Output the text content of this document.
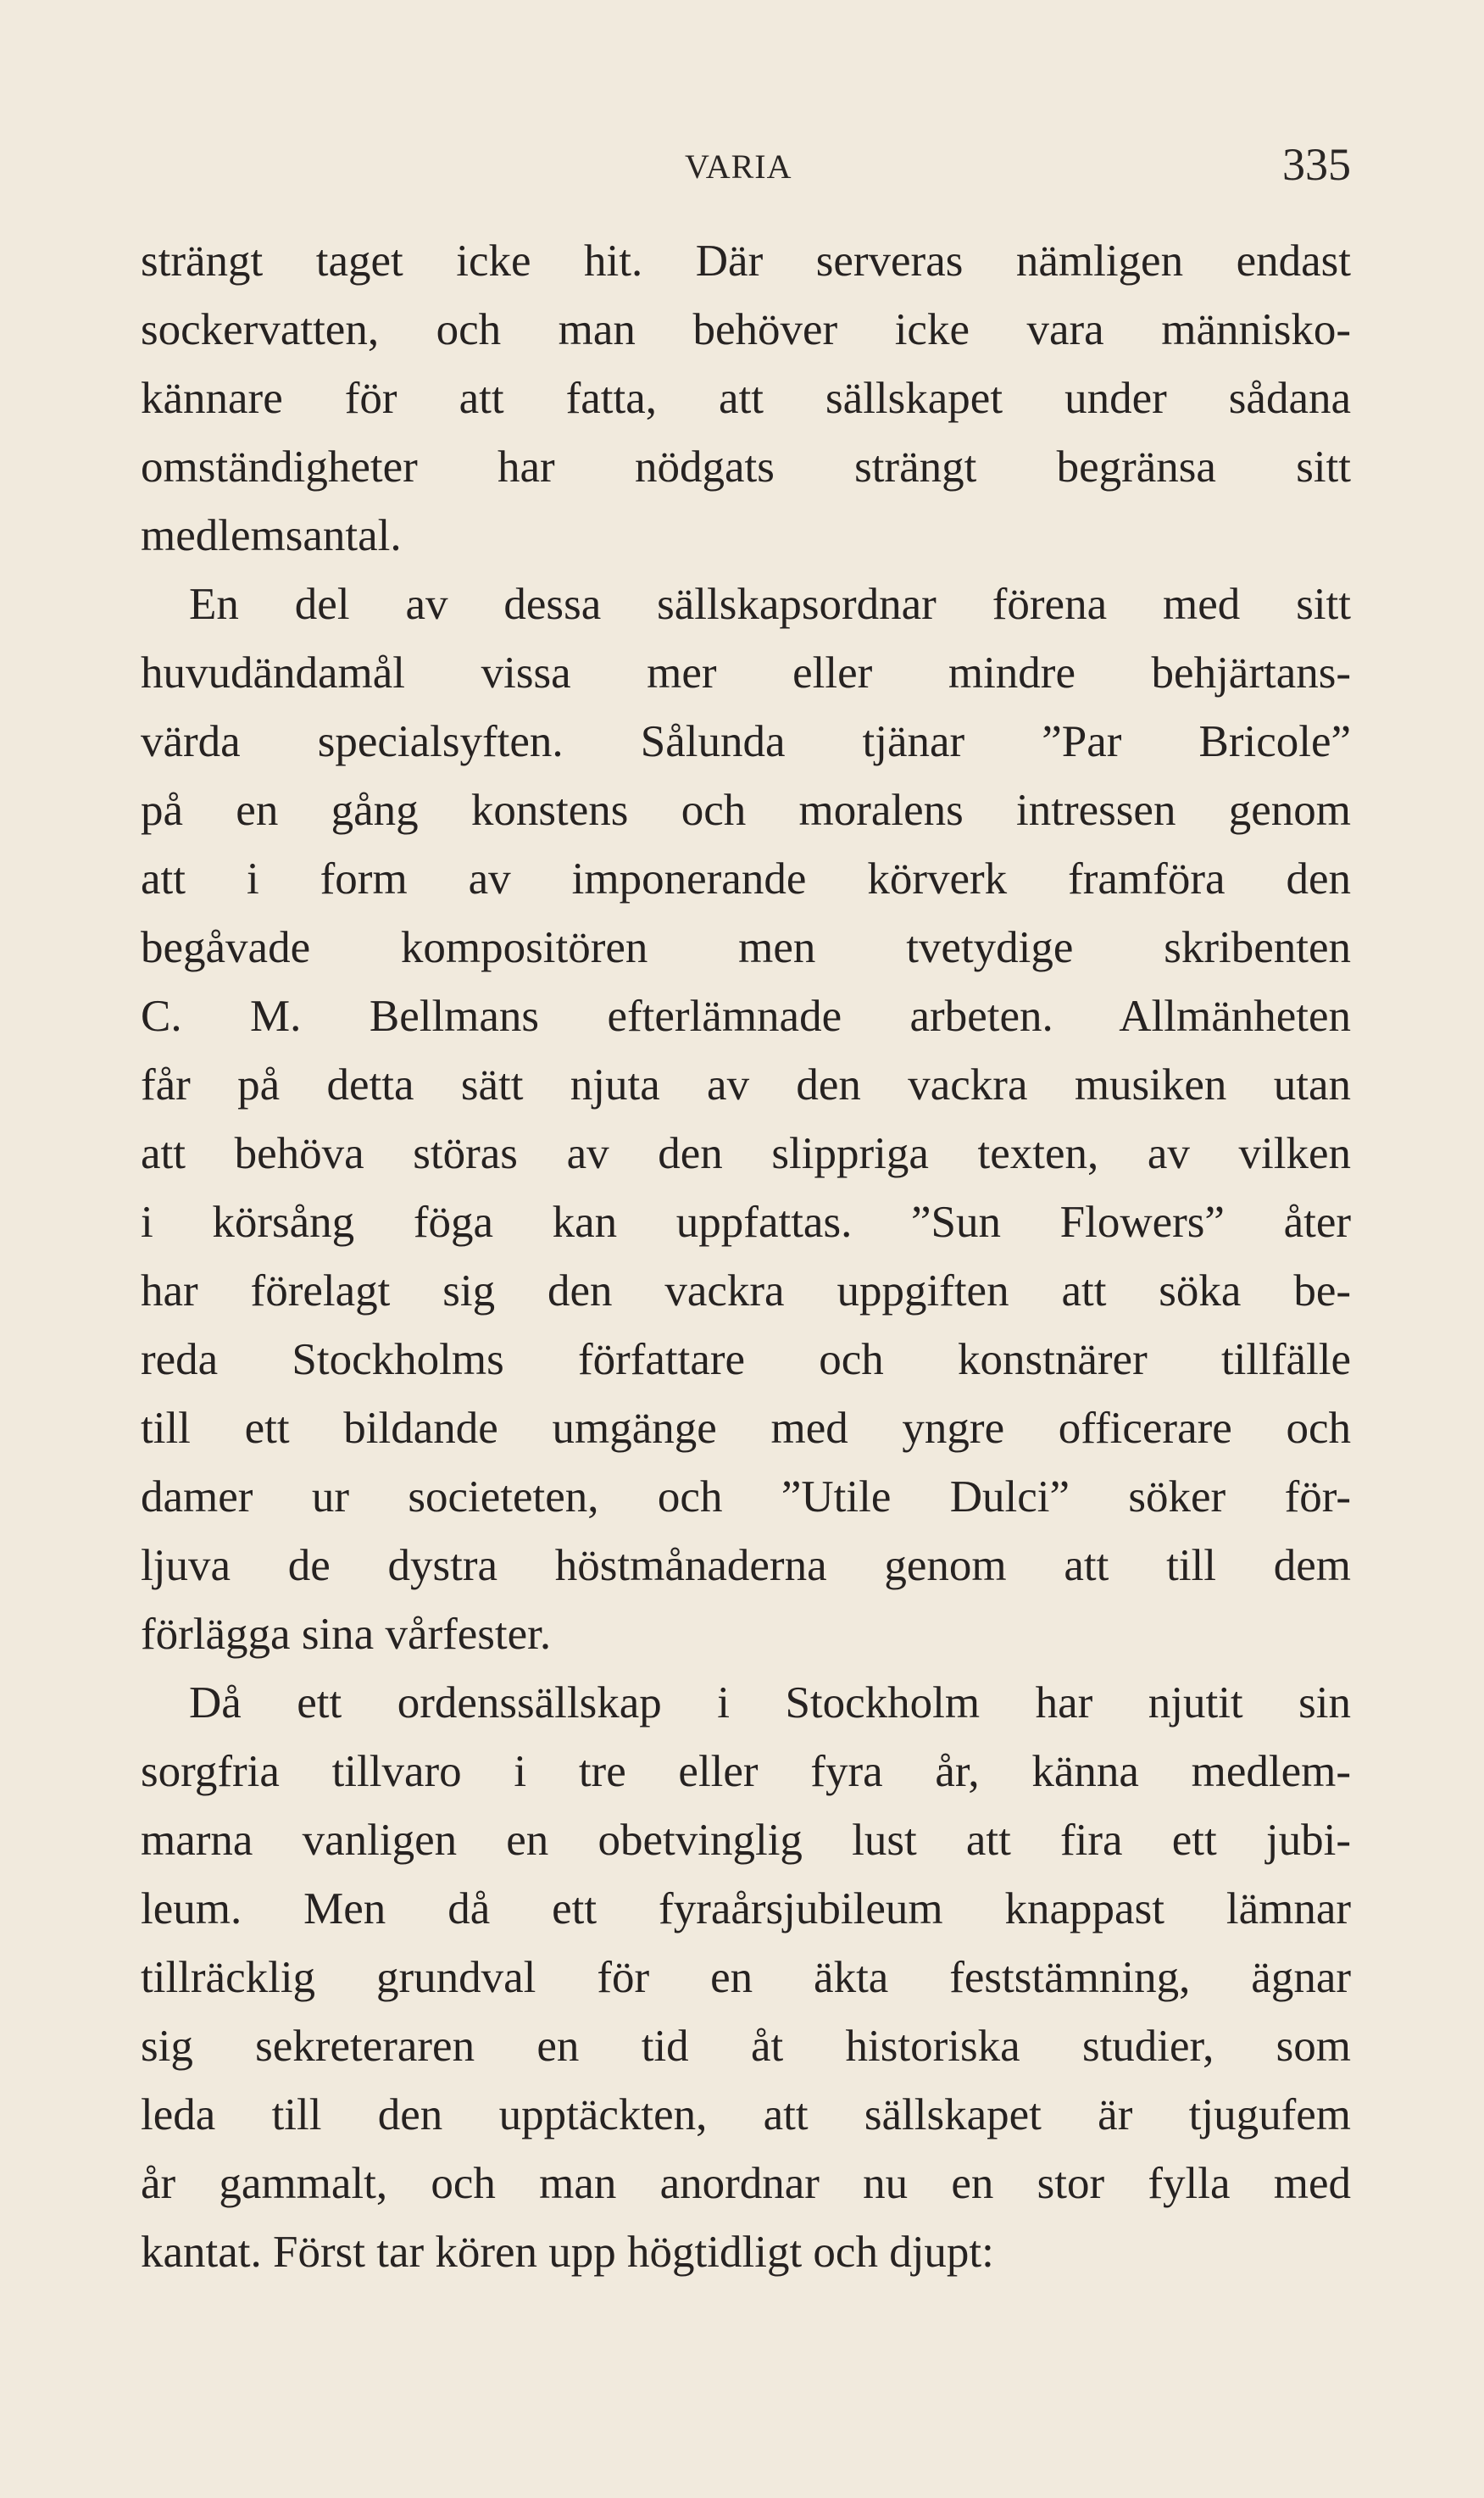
VARIA	335
strängt taget icke hit. Där serveras nämligen endast
sockervatten, och man behöver icke vara människo-
kännare för att fatta, att sällskapet under sådana
omständigheter har nödgats strängt begränsa sitt
medlemsantal.
En del av dessa sällskapsordnar förena med sitt
huvudändamål vissa mer eller mindre behjärtans-
värda specialsyften. Sålunda tjänar ”Par Bricole”
på en gång konstens och moralens intressen genom
att i form av imponerande körverk framföra den
begåvade kompositören men tvetydige skribenten
C. M. Bellmans efterlämnade arbeten. Allmänheten
får på detta sätt njuta av den vackra musiken utan
att behöva störas av den slippriga texten, av vilken
i körsång föga kan uppfattas. ”Sun Flowers” åter
har förelagt sig den vackra uppgiften att söka be-
reda Stockholms författare och konstnärer tillfälle
till ett bildande umgänge med yngre officerare och
damer ur societeten, och ”Utile Dulci” söker för-
ljuva de dystra höstmånaderna genom att till dem
förlägga sina vårfester.
Då ett ordenssällskap i Stockholm har njutit sin
sorgfria tillvaro i tre eller fyra år, känna medlem-
marna vanligen en obetvinglig lust att fira ett jubi-
leum. Men då ett fyraårsjubileum knappast lämnar
tillräcklig grundval för en äkta feststämning, ägnar
sig sekreteraren en tid åt historiska studier, som
leda till den upptäckten, att sällskapet är tjugufem
år gammalt, och man anordnar nu en stor fylla med
kantat. Först tar kören upp högtidligt och djupt:
